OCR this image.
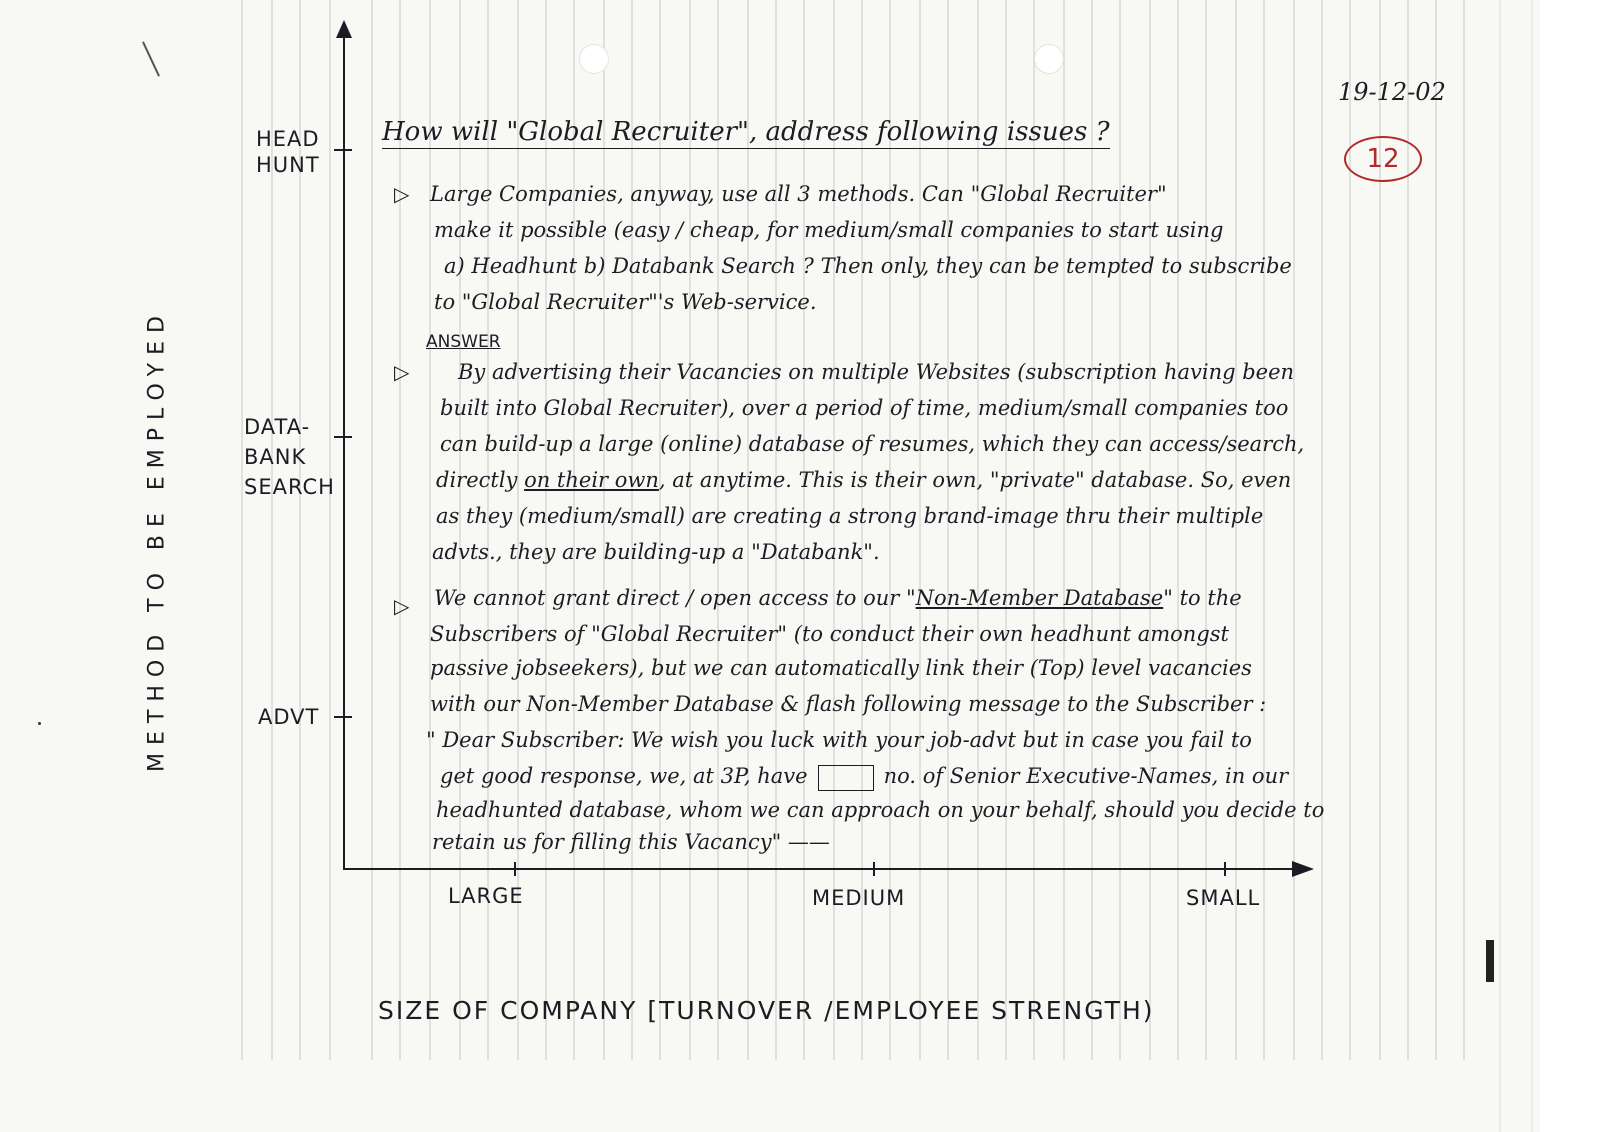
19-12-02
12
HEAD
HUNT
DATA-
BANK
SEARCH
ADVT
METHOD TO BE EMPLOYED
LARGE	MEDIUM	SMALL
SIZE OF COMPANY [TURNOVER /EMPLOYEE STRENGTH)
How will "Global Recruiter", address following issues ?
▷ Large Companies, anyway, use all 3 methods. Can "Global Recruiter"
make it possible (easy / cheap, for medium/small companies to start using
a) Headhunt b) Databank Search ? Then only, they can be tempted to subscribe
to "Global Recruiter"'s Web-service.
ANSWER
▷ By advertising their Vacancies on multiple Websites (subscription having been
built into Global Recruiter), over a period of time, medium/small companies too
can build-up a large (online) database of resumes, which they can access/search,
directly on their own, at anytime. This is their own, "private" database. So, even
as they (medium/small) are creating a strong brand-image thru their multiple
advts., they are building-up a "Databank".
▷ We cannot grant direct / open access to our "Non-Member Database" to the
Subscribers of "Global Recruiter" (to conduct their own headhunt amongst
passive jobseekers), but we can automatically link their (Top) level vacancies
with our Non-Member Database & flash following message to the Subscriber :
" Dear Subscriber: We wish you luck with your job-advt but in case you fail to
get good response, we, at 3P, have	no. of Senior Executive-Names, in our
headhunted database, whom we can approach on your behalf, should you decide to
retain us for filling this Vacancy" ——
